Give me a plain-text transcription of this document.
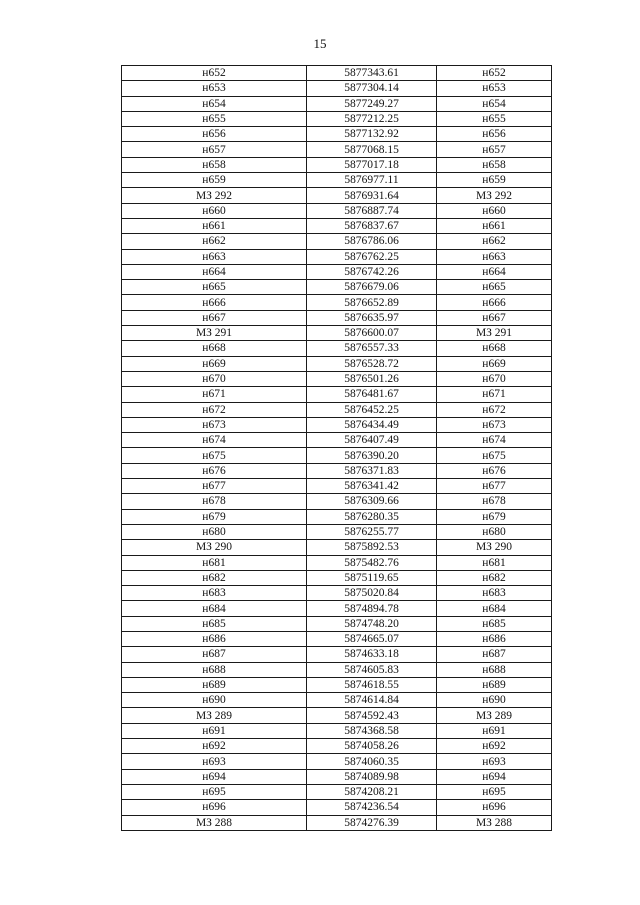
15
н652	5877343.61	н652
н653	5877304.14	н653
н654	5877249.27	н654
н655	5877212.25	н655
н656	5877132.92	н656
н657	5877068.15	н657
н658	5877017.18	н658
н659	5876977.11	н659
МЗ 292	5876931.64	МЗ 292
н660	5876887.74	н660
н661	5876837.67	н661
н662	5876786.06	н662
н663	5876762.25	н663
н664	5876742.26	н664
н665	5876679.06	н665
н666	5876652.89	н666
н667	5876635.97	н667
МЗ 291	5876600.07	МЗ 291
н668	5876557.33	н668
н669	5876528.72	н669
н670	5876501.26	н670
н671	5876481.67	н671
н672	5876452.25	н672
н673	5876434.49	н673
н674	5876407.49	н674
н675	5876390.20	н675
н676	5876371.83	н676
н677	5876341.42	н677
н678	5876309.66	н678
н679	5876280.35	н679
н680	5876255.77	н680
МЗ 290	5875892.53	МЗ 290
н681	5875482.76	н681
н682	5875119.65	н682
н683	5875020.84	н683
н684	5874894.78	н684
н685	5874748.20	н685
н686	5874665.07	н686
н687	5874633.18	н687
н688	5874605.83	н688
н689	5874618.55	н689
н690	5874614.84	н690
МЗ 289	5874592.43	МЗ 289
н691	5874368.58	н691
н692	5874058.26	н692
н693	5874060.35	н693
н694	5874089.98	н694
н695	5874208.21	н695
н696	5874236.54	н696
МЗ 288	5874276.39	МЗ 288
